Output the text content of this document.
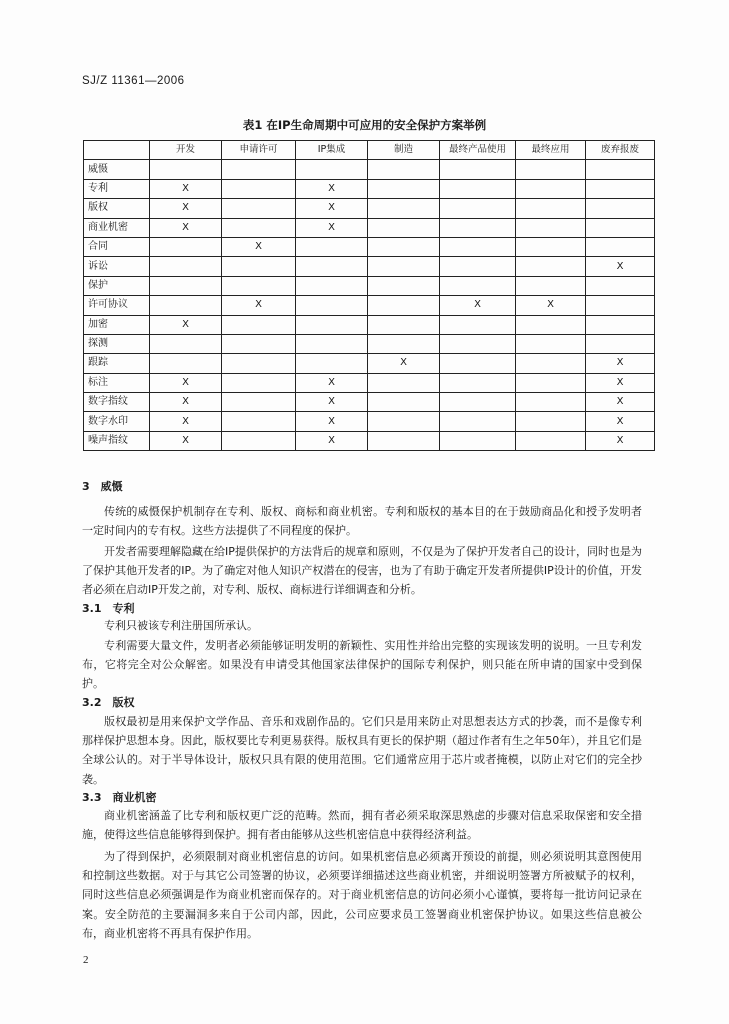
SJ/Z 11361—2006
表1 在IP生命周期中可应用的安全保护方案举例
	开发	申请许可	IP集成	制造	最终产品使用	最终应用	废弃报废
威慑							
专利	X		X				
版权	X		X				
商业机密	X		X				
合同		X					
诉讼							X
保护							
许可协议		X			X	X	
加密	X						
探测							
跟踪				X			X
标注	X		X				X
数字指纹	X		X				X
数字水印	X		X				X
噪声指纹	X		X				X
3　威慑

传统的威慑保护机制存在专利、版权、商标和商业机密。专利和版权的基本目的在于鼓励商品化和授予发明者一定时间内的专有权。这些方法提供了不同程度的保护。

开发者需要理解隐藏在给IP提供保护的方法背后的规章和原则，不仅是为了保护开发者自己的设计，同时也是为了保护其他开发者的IP。为了确定对他人知识产权潜在的侵害，也为了有助于确定开发者所提供IP设计的价值，开发者必须在启动IP开发之前，对专利、版权、商标进行详细调查和分析。

3.1　专利

专利只被该专利注册国所承认。

专利需要大量文件，发明者必须能够证明发明的新颖性、实用性并给出完整的实现该发明的说明。一旦专利发布，它将完全对公众解密。如果没有申请受其他国家法律保护的国际专利保护，则只能在所申请的国家中受到保护。

3.2　版权

版权最初是用来保护文学作品、音乐和戏剧作品的。它们只是用来防止对思想表达方式的抄袭，而不是像专利那样保护思想本身。因此，版权要比专利更易获得。版权具有更长的保护期（超过作者有生之年50年），并且它们是全球公认的。对于半导体设计，版权只具有限的使用范围。它们通常应用于芯片或者掩模，以防止对它们的完全抄袭。

3.3　商业机密

商业机密涵盖了比专利和版权更广泛的范畴。然而，拥有者必须采取深思熟虑的步骤对信息采取保密和安全措施，使得这些信息能够得到保护。拥有者由能够从这些机密信息中获得经济利益。

为了得到保护，必须限制对商业机密信息的访问。如果机密信息必须离开预设的前提，则必须说明其意图使用和控制这些数据。对于与其它公司签署的协议，必须要详细描述这些商业机密，并细说明签署方所被赋予的权利，同时这些信息必须强调是作为商业机密而保存的。对于商业机密信息的访问必须小心谨慎，要将每一批访问记录在案。安全防范的主要漏洞多来自于公司内部，因此，公司应要求员工签署商业机密保护协议。如果这些信息被公布，商业机密将不再具有保护作用。

2
